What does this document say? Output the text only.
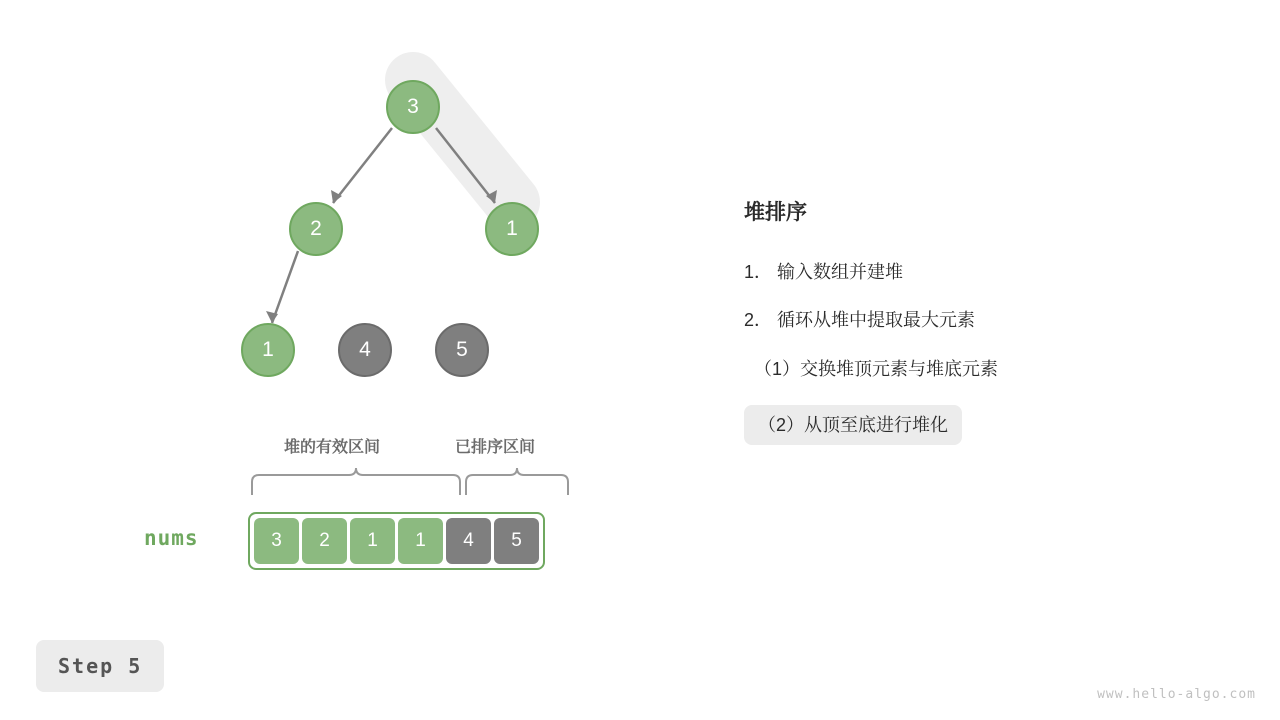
3
2	1
1	4	5
堆的有效区间	已排序区间
nums	3 2 1 1 4 5
堆排序
1． 输入数组并建堆
2． 循环从堆中提取最大元素
（1）交换堆顶元素与堆底元素
（2）从顶至底进行堆化
Step 5
www.hello-algo.com
